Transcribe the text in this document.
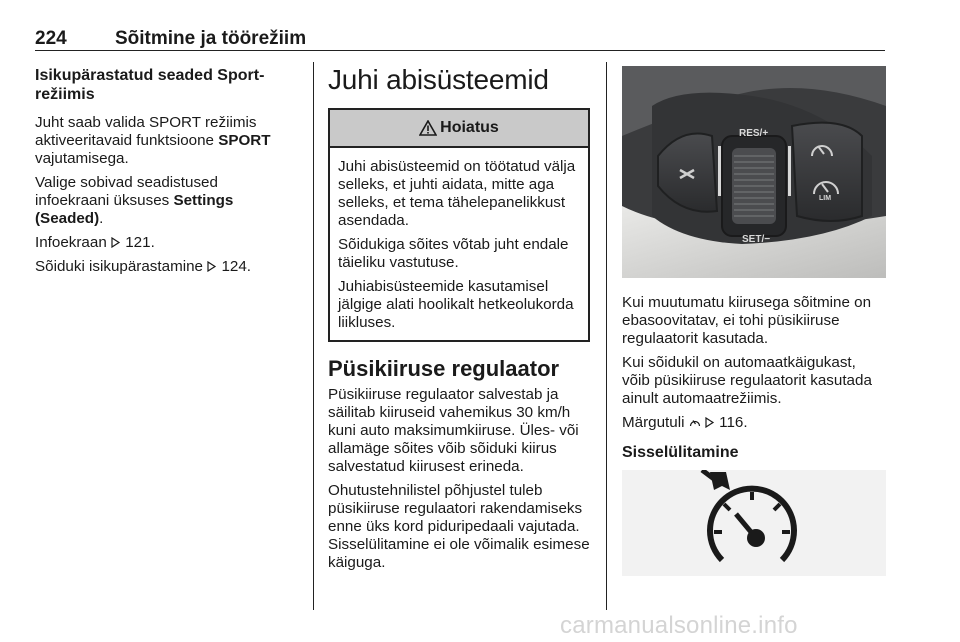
224	Sõitmine ja töörežiim
Isikupärastatud seaded Sport-režiimis

Juht saab valida SPORT režiimis aktiveeritavaid funktsioone SPORT vajutamisega.

Valige sobivad seadistused infoekraani üksuses Settings (Seaded).

Infoekraan  121.

Sõiduki isikupärastamine  124.

Juhi abisüsteemid
Hoiatus

Juhi abisüsteemid on töötatud välja selleks, et juhti aidata, mitte aga selleks, et tema tähelepanelikkust asendada.

Sõidukiga sõites võtab juht endale täieliku vastutuse.

Juhiabisüsteemide kasutamisel jälgige alati hoolikalt hetkeolukorda liikluses.

Püsikiiruse regulaator

Püsikiiruse regulaator salvestab ja säilitab kiiruseid vahemikus 30 km/h kuni auto maksimumkiiruse. Üles- või allamäge sõites võib sõiduki kiirus salvestatud kiirusest erineda.

Ohutustehnilistel põhjustel tuleb püsikiiruse regulaatori rakendamiseks enne üks kord piduripedaali vajutada.

Sisselülitamine ei ole võimalik esimese käiguga.

RES/+
SET/−
LIM

Kui muutumatu kiirusega sõitmine on ebasoovitatav, ei tohi püsikiiruse regulaatorit kasutada.

Kui sõidukil on automaatkäigukast, võib püsikiiruse regulaatorit kasutada ainult automaatrežiimis.

Märgutuli   116.

Sisselülitamine
carmanualsonline.info
